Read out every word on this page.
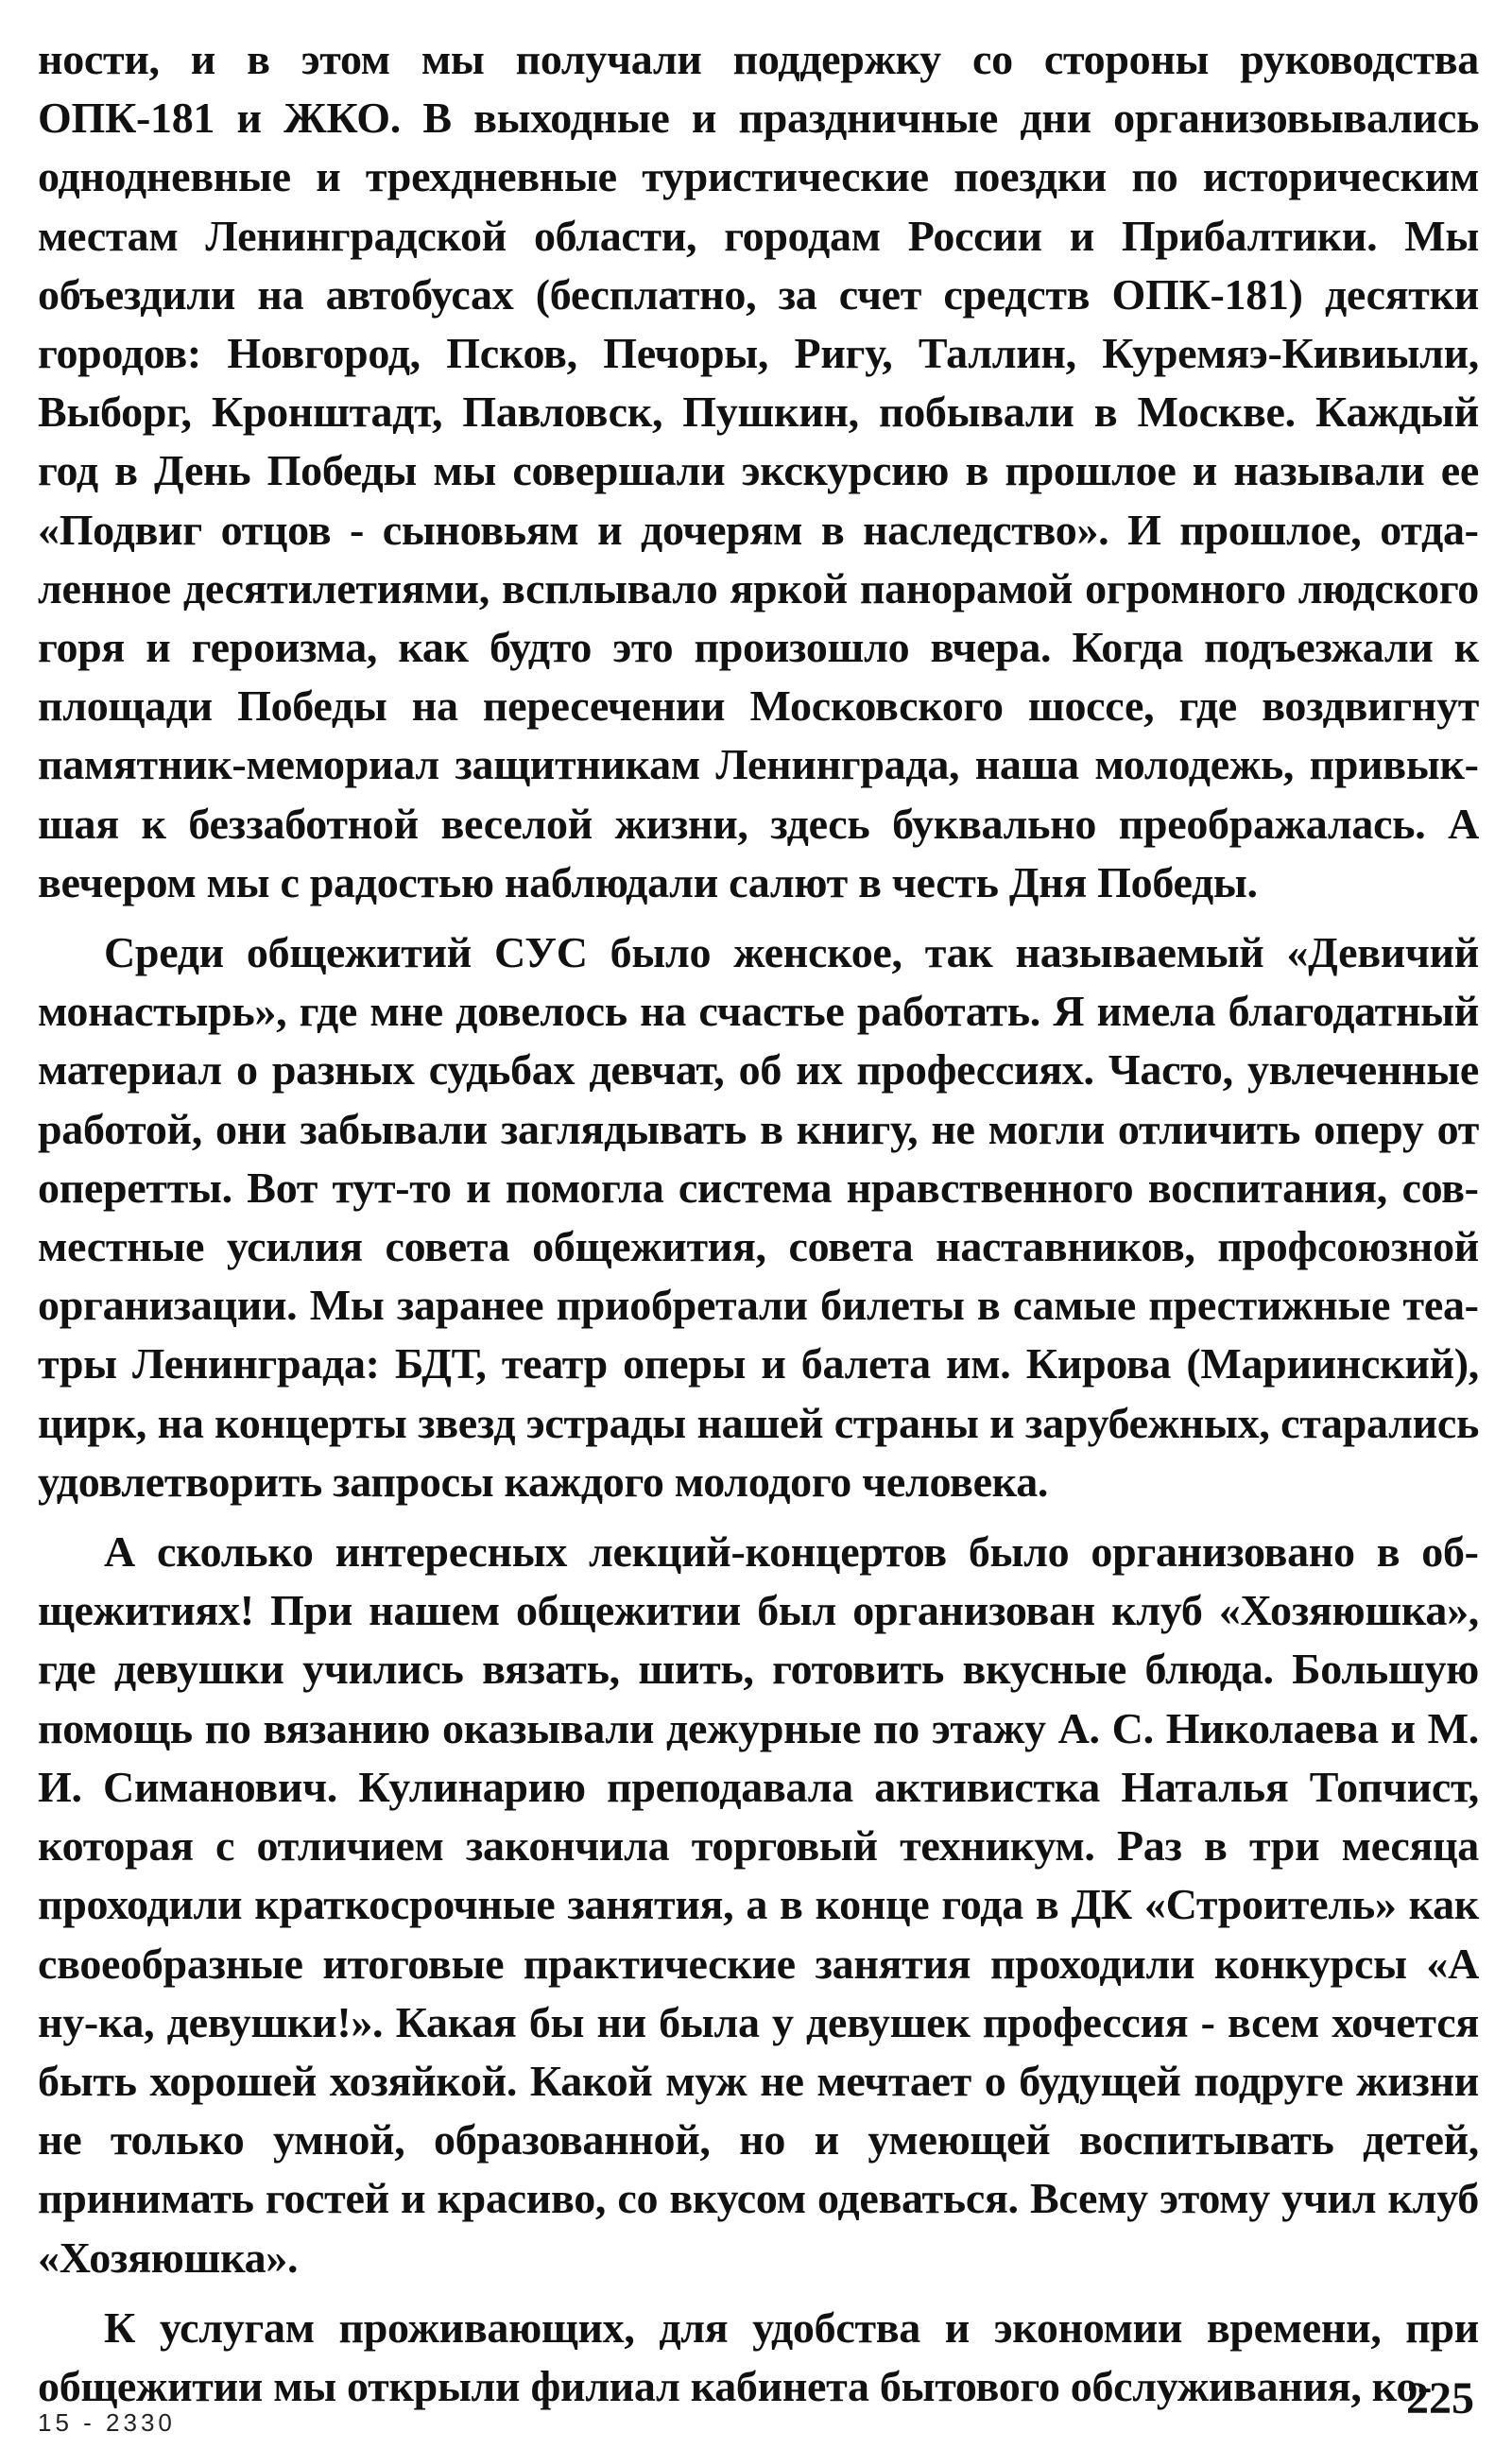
ности, и в этом мы получали поддержку со стороны руководства ОПК-181 и ЖКО. В выходные и праздничные дни организовывались однодневные и трехдневные туристические поездки по историческим местам Ленинградской области, городам России и Прибалтики. Мы объездили на автобусах (бесплатно, за счет средств ОПК-181) десятки городов: Новгород, Псков, Печоры, Ригу, Таллин, Куремяэ-Кивиыли, Выборг, Кронштадт, Павловск, Пушкин, побывали в Москве. Каждый год в День Победы мы совершали экскурсию в прошлое и называли ее «Подвиг отцов - сыновьям и дочерям в наследство». И прошлое, отдаленное десятилетиями, всплывало яркой панорамой огромного людского горя и героизма, как будто это произошло вчера. Когда подъезжали к площади Победы на пересечении Московского шоссе, где воздвигнут памятник-мемориал защитникам Ленинграда, наша молодежь, привыкшая к беззаботной веселой жизни, здесь буквально преображалась. А вечером мы с радостью наблюдали салют в честь Дня Победы.

Среди общежитий СУС было женское, так называемый «Девичий монастырь», где мне довелось на счастье работать. Я имела благодатный материал о разных судьбах девчат, об их профессиях. Часто, увлеченные работой, они забывали заглядывать в книгу, не могли отличить оперу от оперетты. Вот тут-то и помогла система нравственного воспитания, совместные усилия совета общежития, совета наставников, профсоюзной организации. Мы заранее приобретали билеты в самые престижные театры Ленинграда: БДТ, театр оперы и балета им. Кирова (Мариинский), цирк, на концерты звезд эстрады нашей страны и зарубежных, старались удовлетворить запросы каждого молодого человека.

А сколько интересных лекций-концертов было организовано в общежитиях! При нашем общежитии был организован клуб «Хозяюшка», где девушки учились вязать, шить, готовить вкусные блюда. Большую помощь по вязанию оказывали дежурные по этажу А. С. Николаева и М. И. Симанович. Кулинарию преподавала активистка Наталья Топчист, которая с отличием закончила торговый техникум. Раз в три месяца проходили краткосрочные занятия, а в конце года в ДК «Строитель» как своеобразные итоговые практические занятия проходили конкурсы «А ну-ка, девушки!». Какая бы ни была у девушек профессия - всем хочется быть хорошей хозяйкой. Какой муж не мечтает о будущей подруге жизни не только умной, образованной, но и умеющей воспитывать детей, принимать гостей и красиво, со вкусом одеваться. Всему этому учил клуб «Хозяюшка».

К услугам проживающих, для удобства и экономии времени, при общежитии мы открыли филиал кабинета бытового обслуживания, ко-

15 - 2330	225
